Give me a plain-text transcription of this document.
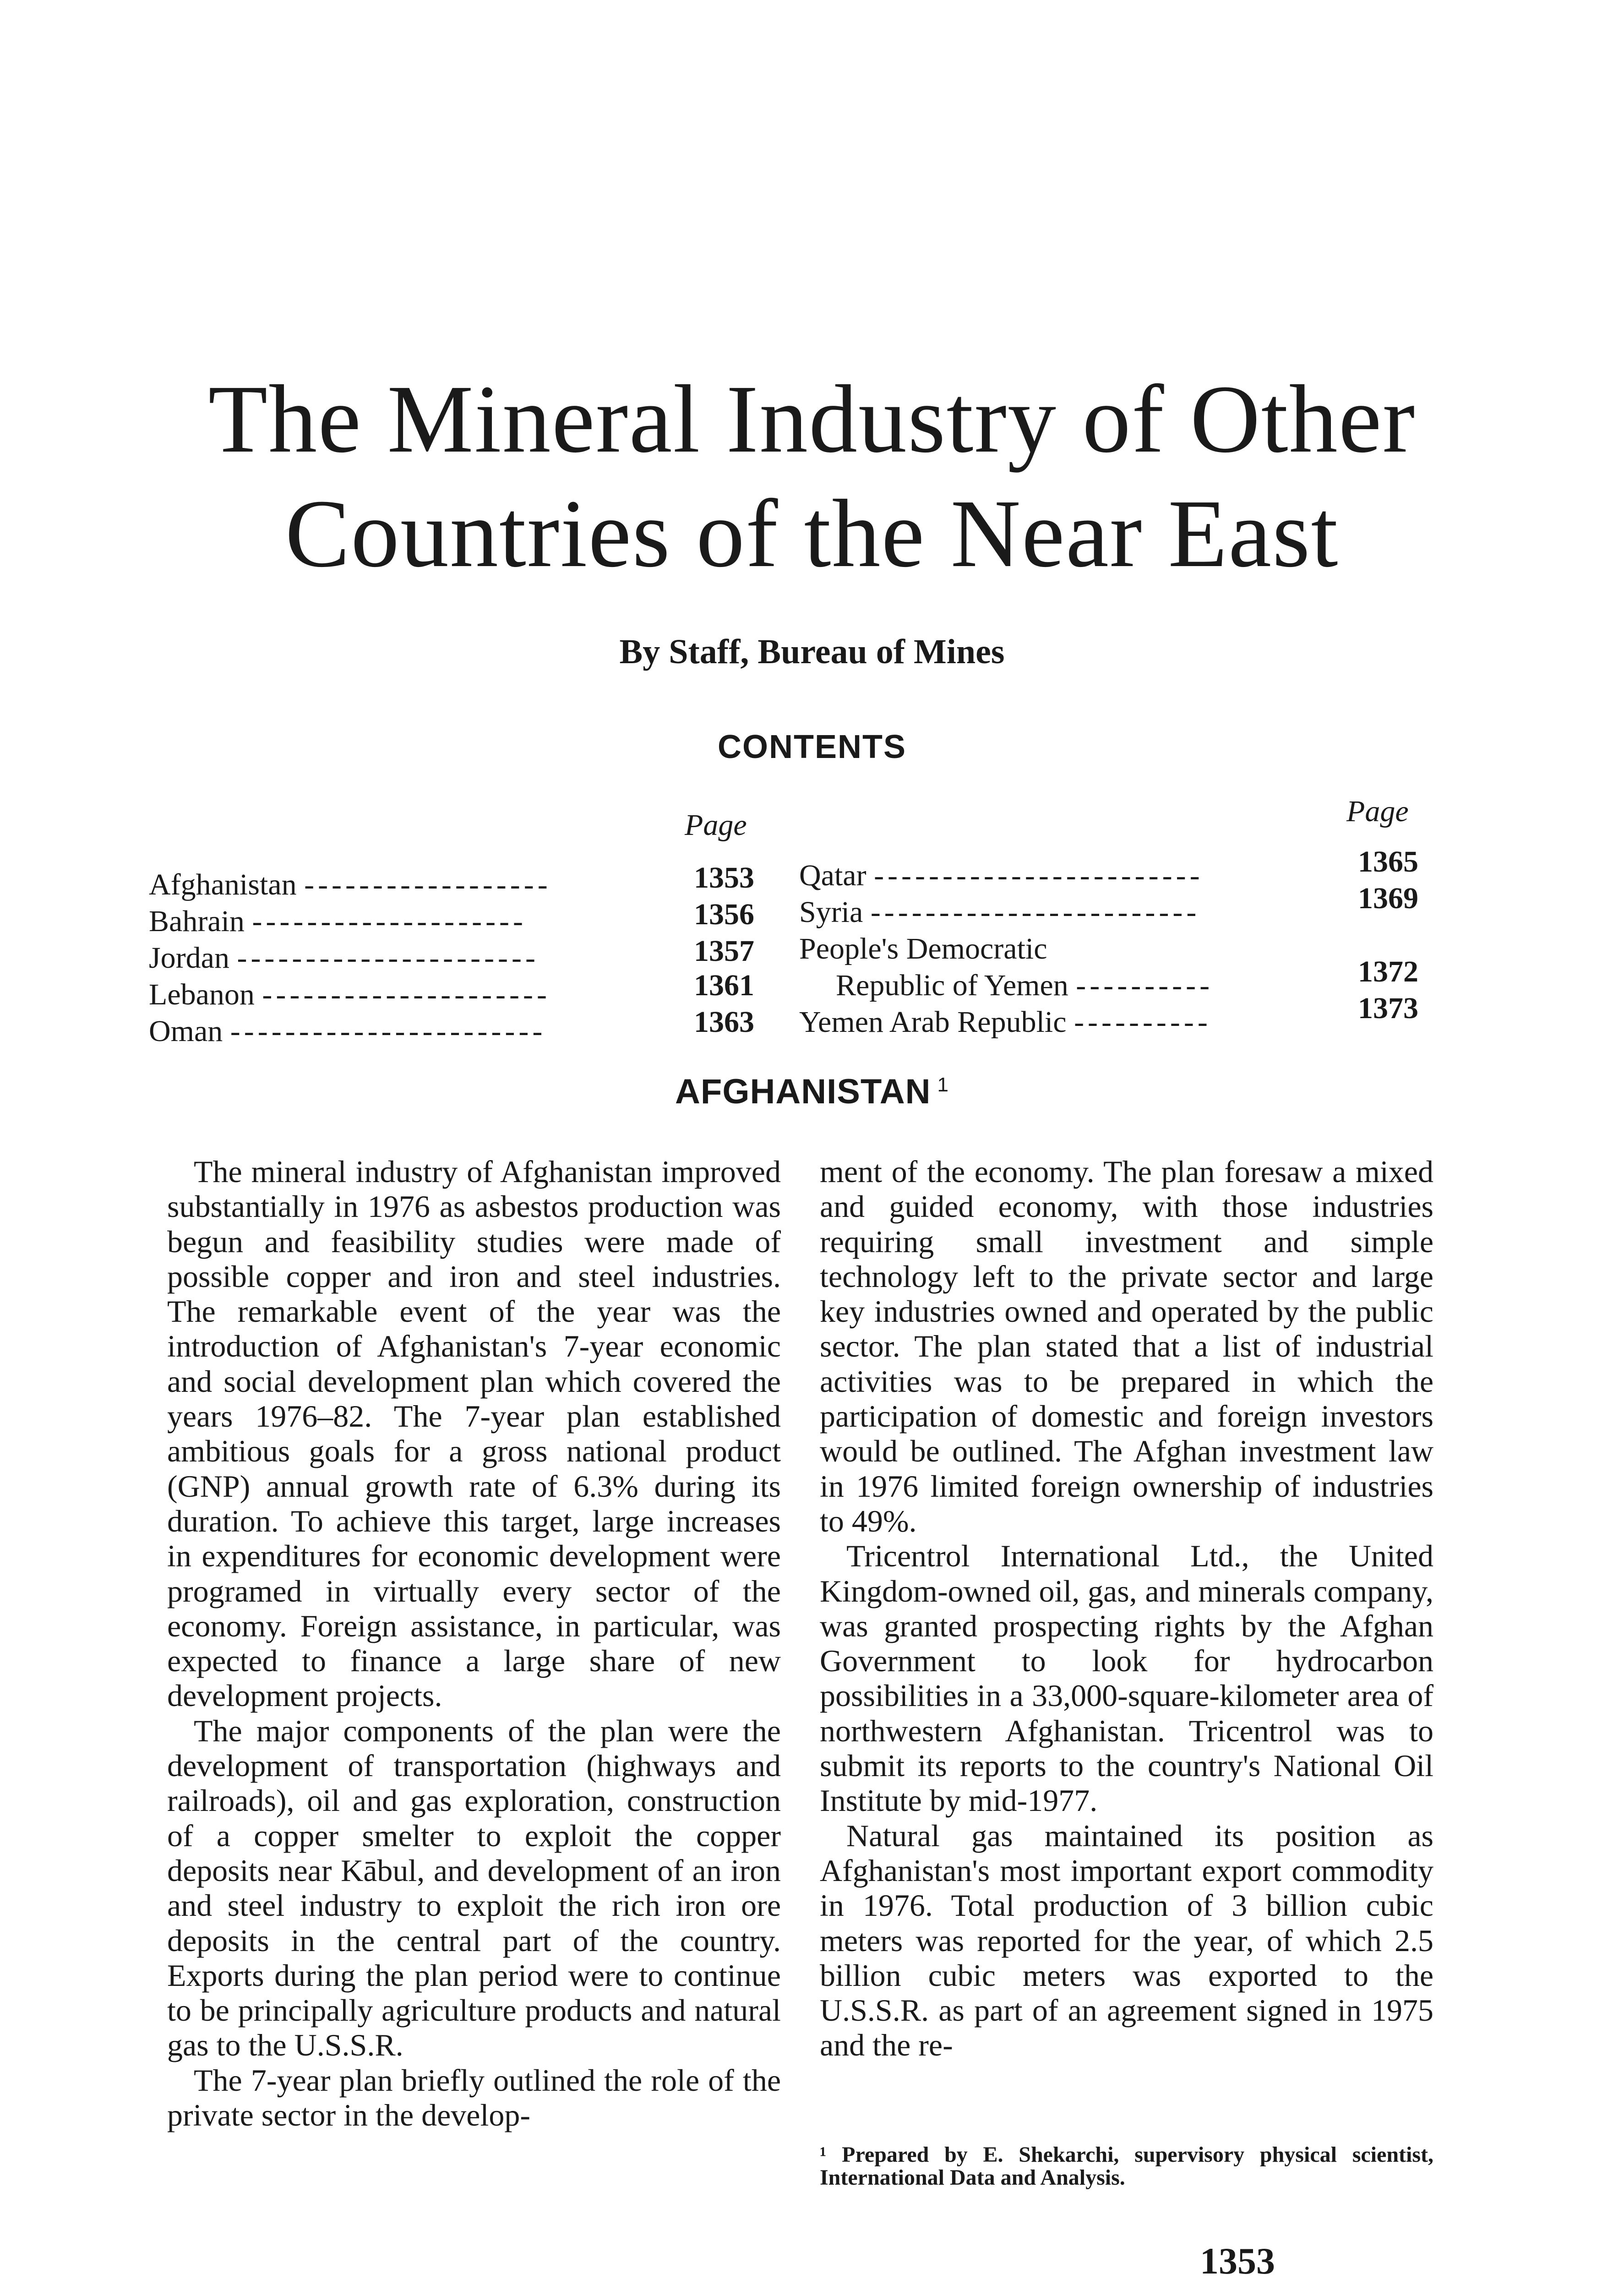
The Mineral Industry of Other
Countries of the Near East
By Staff, Bureau of Mines
CONTENTS
Page	Page
Afghanistan ------------------	1353
Bahrain --------------------	1356
Jordan ----------------------	1357
Lebanon ---------------------	1361
Oman -----------------------	1363
Qatar ------------------------	1365
Syria ------------------------	1369
People's Democratic
Republic of Yemen ----------	1372
Yemen Arab Republic ----------	1373
AFGHANISTAN $^1$

The mineral industry of Afghanistan improved substantially in 1976 as asbestos production was begun and feasibility studies were made of possible copper and iron and steel industries. The remarkable event of the year was the introduction of Afghanistan's 7-year economic and social development plan which covered the years 1976–82. The 7-year plan established ambitious goals for a gross national product (GNP) annual growth rate of 6.3% during its duration. To achieve this target, large increases in expenditures for economic development were programed in virtually every sector of the economy. Foreign assistance, in particular, was expected to finance a large share of new development projects.

The major components of the plan were the development of transportation (highways and railroads), oil and gas exploration, construction of a copper smelter to exploit the copper deposits near Kābul, and development of an iron and steel industry to exploit the rich iron ore deposits in the central part of the country. Exports during the plan period were to continue to be principally agriculture products and natural gas to the U.S.S.R.

The 7-year plan briefly outlined the role of the private sector in the develop-

ment of the economy. The plan foresaw a mixed and guided economy, with those industries requiring small investment and simple technology left to the private sector and large key industries owned and operated by the public sector. The plan stated that a list of industrial activities was to be prepared in which the participation of domestic and foreign investors would be outlined. The Afghan investment law in 1976 limited foreign ownership of industries to 49%.

Tricentrol International Ltd., the United Kingdom-owned oil, gas, and minerals company, was granted prospecting rights by the Afghan Government to look for hydrocarbon possibilities in a 33,000-square-kilometer area of northwestern Afghanistan. Tricentrol was to submit its reports to the country's National Oil Institute by mid-1977.

Natural gas maintained its position as Afghanistan's most important export commodity in 1976. Total production of 3 billion cubic meters was reported for the year, of which 2.5 billion cubic meters was exported to the U.S.S.R. as part of an agreement signed in 1975 and the re-

¹ Prepared by E. Shekarchi, supervisory physical scientist, International Data and Analysis.
1353
